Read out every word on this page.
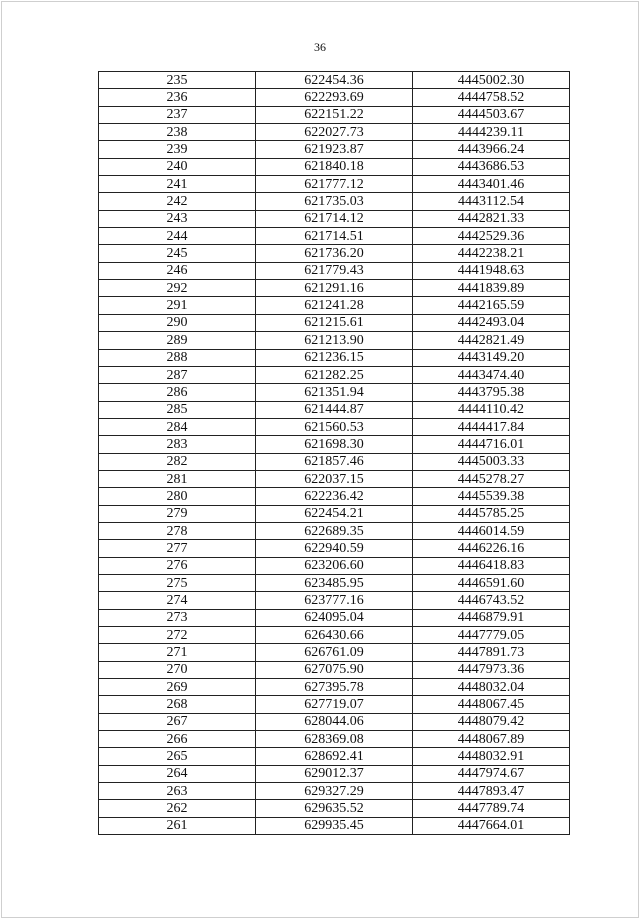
36
235	622454.36	4445002.30
236	622293.69	4444758.52
237	622151.22	4444503.67
238	622027.73	4444239.11
239	621923.87	4443966.24
240	621840.18	4443686.53
241	621777.12	4443401.46
242	621735.03	4443112.54
243	621714.12	4442821.33
244	621714.51	4442529.36
245	621736.20	4442238.21
246	621779.43	4441948.63
292	621291.16	4441839.89
291	621241.28	4442165.59
290	621215.61	4442493.04
289	621213.90	4442821.49
288	621236.15	4443149.20
287	621282.25	4443474.40
286	621351.94	4443795.38
285	621444.87	4444110.42
284	621560.53	4444417.84
283	621698.30	4444716.01
282	621857.46	4445003.33
281	622037.15	4445278.27
280	622236.42	4445539.38
279	622454.21	4445785.25
278	622689.35	4446014.59
277	622940.59	4446226.16
276	623206.60	4446418.83
275	623485.95	4446591.60
274	623777.16	4446743.52
273	624095.04	4446879.91
272	626430.66	4447779.05
271	626761.09	4447891.73
270	627075.90	4447973.36
269	627395.78	4448032.04
268	627719.07	4448067.45
267	628044.06	4448079.42
266	628369.08	4448067.89
265	628692.41	4448032.91
264	629012.37	4447974.67
263	629327.29	4447893.47
262	629635.52	4447789.74
261	629935.45	4447664.01
